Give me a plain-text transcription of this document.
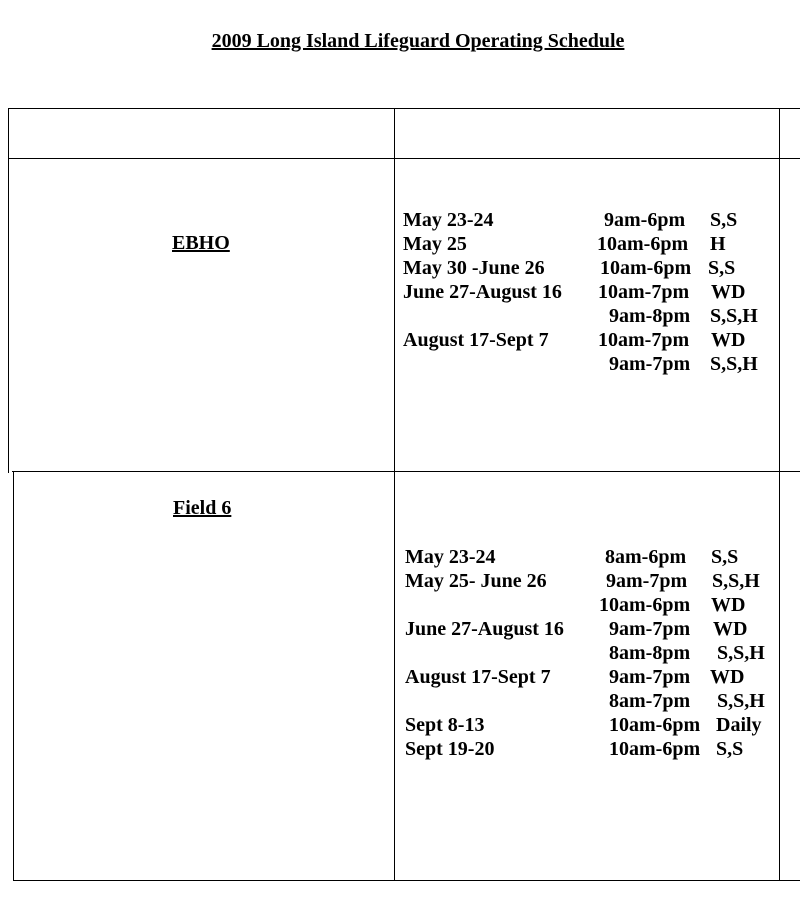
2009 Long Island Lifeguard Operating Schedule
EBHO
May 23-24	9am-6pm S,S
May 25	10am-6pm H
May 30 -June 26	10am-6pm S,S
June 27-August 16 10am-7pm WD
9am-8pm S,S,H
August 17-Sept 7 10am-7pm WD
9am-7pm S,S,H
Field 6
May 23-24	8am-6pm S,S
May 25- June 26	9am-7pm S,S,H
10am-6pm WD
June 27-August 16 9am-7pm WD
8am-8pm S,S,H
August 17-Sept 7	9am-7pm WD
8am-7pm S,S,H
Sept 8-13	10am-6pm Daily
Sept 19-20	10am-6pm S,S
